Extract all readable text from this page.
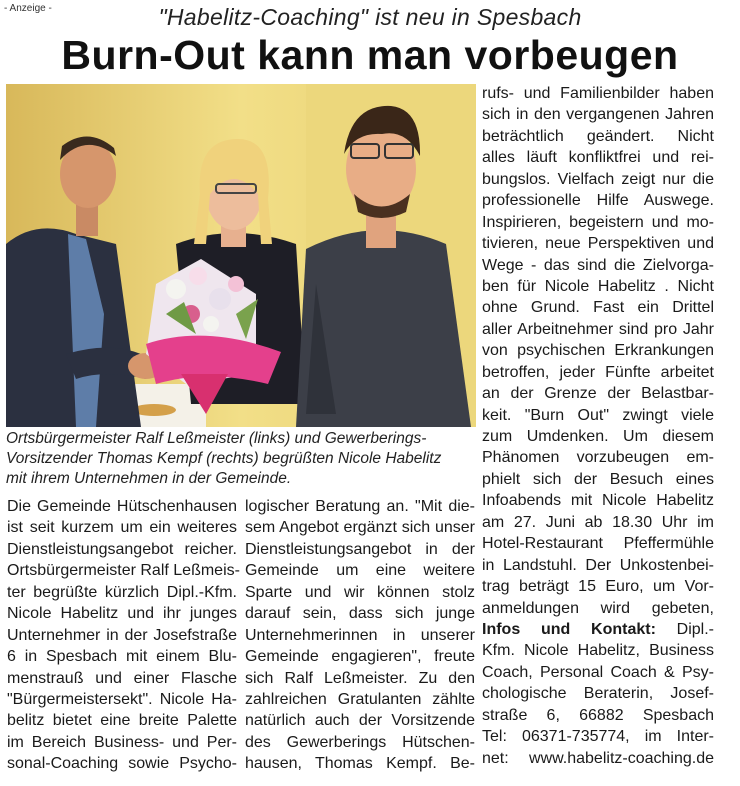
- Anzeige -	"Habelitz-Coaching" ist neu in Spesbach
Burn-Out kann man vorbeugen
Ortsbürgermeister Ralf Leßmeister (links) und Gewerberings-
Vorsitzender Thomas Kempf (rechts) begrüßten Nicole Habelitz
mit ihrem Unternehmen in der Gemeinde.
Die Gemeinde Hütschenhausen
ist seit kurzem um ein weiteres
Dienstleistungsangebot reicher.
Ortsbürgermeister Ralf Leßmeis-
ter begrüßte kürzlich Dipl.-Kfm.
Nicole Habelitz und ihr junges
Unternehmer in der Josefstraße
6 in Spesbach mit einem Blu-
menstrauß und einer Flasche
"Bürgermeistersekt". Nicole Ha-
belitz bietet eine breite Palette
im Bereich Business- und Per-
sonal-Coaching sowie Psycho-
logischer Beratung an. "Mit die-
sem Angebot ergänzt sich unser
Dienstleistungsangebot in der
Gemeinde um eine weitere
Sparte und wir können stolz
darauf sein, dass sich junge
Unternehmerinnen in unserer
Gemeinde engagieren", freute
sich Ralf Leßmeister. Zu den
zahlreichen Gratulanten zählte
natürlich auch der Vorsitzende
des Gewerberings Hütschen-
hausen, Thomas Kempf. Be-
rufs- und Familienbilder haben
sich in den vergangenen Jahren
beträchtlich geändert. Nicht
alles läuft konfliktfrei und rei-
bungslos. Vielfach zeigt nur die
professionelle Hilfe Auswege.
Inspirieren, begeistern und mo-
tivieren, neue Perspektiven und
Wege - das sind die Zielvorga-
ben für Nicole Habelitz . Nicht
ohne Grund. Fast ein Drittel
aller Arbeitnehmer sind pro Jahr
von psychischen Erkrankungen
betroffen, jeder Fünfte arbeitet
an der Grenze der Belastbar-
keit. "Burn Out" zwingt viele
zum Umdenken. Um diesem
Phänomen vorzubeugen em-
phielt sich der Besuch eines
Infoabends mit Nicole Habelitz
am 27. Juni ab 18.30 Uhr im
Hotel-Restaurant Pfeffermühle
in Landstuhl. Der Unkostenbei-
trag beträgt 15 Euro, um Vor-
anmeldungen wird gebeten,
Infos und Kontakt: Dipl.-
Kfm. Nicole Habelitz, Business
Coach, Personal Coach & Psy-
chologische Beraterin, Josef-
straße 6, 66882 Spesbach
Tel: 06371-735774, im Inter-
net: www.habelitz-coaching.de
